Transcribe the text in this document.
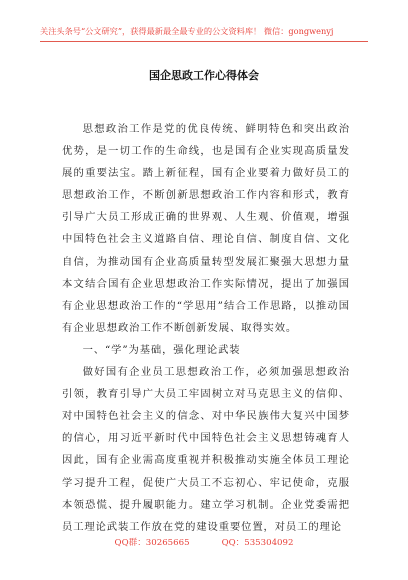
关注头条号“公文研究”，获得最新最全最专业的公文资料库！ 微信：gongwenyj
国企思政工作心得体会

思想政治工作是党的优良传统、鲜明特色和突出政治优势，是一切工作的生命线，也是国有企业实现高质量发展的重要法宝。踏上新征程，国有企业要着力做好员工的思想政治工作，不断创新思想政治工作内容和形式，教育引导广大员工形成正确的世界观、人生观、价值观，增强中国特色社会主义道路自信、理论自信、制度自信、文化自信，为推动国有企业高质量转型发展汇聚强大思想力量本文结合国有企业思想政治工作实际情况，提出了加强国有企业思想政治工作的“学思用”结合工作思路，以推动国有企业思想政治工作不断创新发展、取得实效。

一、“学”为基础，强化理论武装

做好国有企业员工思想政治工作，必须加强思想政治引领，教育引导广大员工牢固树立对马克思主义的信仰、对中国特色社会主义的信念、对中华民族伟大复兴中国梦的信心，用习近平新时代中国特色社会主义思想铸魂育人因此，国有企业需高度重视并积极推动实施全体员工理论学习提升工程，促使广大员工不忘初心、牢记使命，克服本领恐慌、提升履职能力。建立学习机制。企业党委需把员工理论武装工作放在党的建设重要位置，对员工的理论

QQ群：30265665	QQ：535304092
